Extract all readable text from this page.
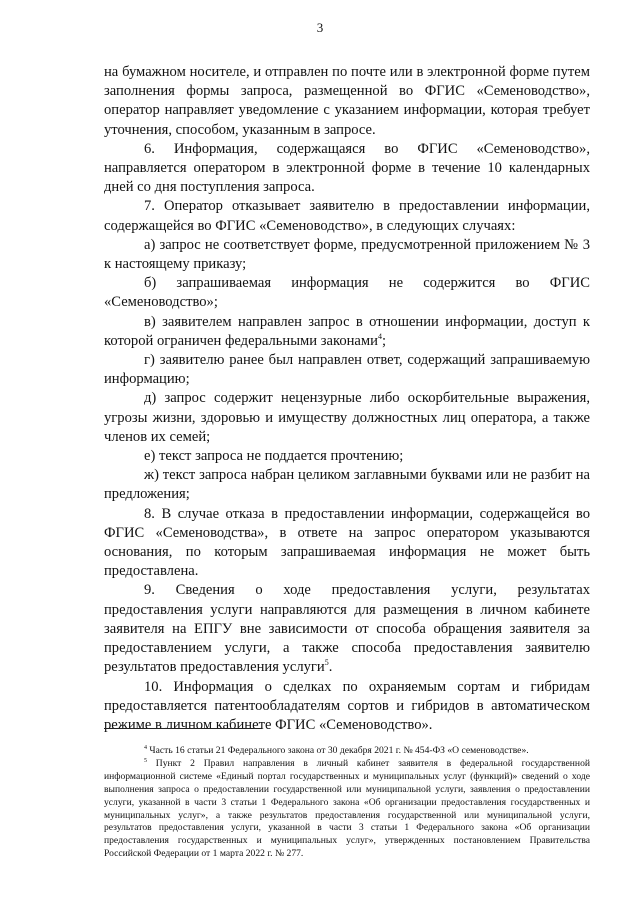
3

на бумажном носителе, и отправлен по почте или в электронной форме путем заполнения формы запроса, размещенной во ФГИС «Семеноводство», оператор направляет уведомление с указанием информации, которая требует уточнения, способом, указанным в запросе.

6. Информация, содержащаяся во ФГИС «Семеноводство», направляется оператором в электронной форме в течение 10 календарных дней со дня поступления запроса.

7. Оператор отказывает заявителю в предоставлении информации, содержащейся во ФГИС «Семеноводство», в следующих случаях:

а) запрос не соответствует форме, предусмотренной приложением № 3 к настоящему приказу;

б) запрашиваемая информация не содержится во ФГИС «Семеноводство»;

в) заявителем направлен запрос в отношении информации, доступ к которой ограничен федеральными законами$^4$;

г) заявителю ранее был направлен ответ, содержащий запрашиваемую информацию;

д) запрос содержит нецензурные либо оскорбительные выражения, угрозы жизни, здоровью и имуществу должностных лиц оператора, а также членов их семей;

е) текст запроса не поддается прочтению;

ж) текст запроса набран целиком заглавными буквами или не разбит на предложения;

8. В случае отказа в предоставлении информации, содержащейся во ФГИС «Семеноводства», в ответе на запрос оператором указываются основания, по которым запрашиваемая информация не может быть предоставлена.

9. Сведения о ходе предоставления услуги, результатах предоставления услуги направляются для размещения в личном кабинете заявителя на ЕПГУ вне зависимости от способа обращения заявителя за предоставлением услуги, а также способа предоставления заявителю результатов предоставления услуги$^5$.

10. Информация о сделках по охраняемым сортам и гибридам предоставляется патентообладателям сортов и гибридов в автоматическом режиме в личном кабинете ФГИС «Семеноводство».

$^4$ Часть 16 статьи 21 Федерального закона от 30 декабря 2021 г. № 454-ФЗ «О семеноводстве».

$^5$ Пункт 2 Правил направления в личный кабинет заявителя в федеральной государственной информационной системе «Единый портал государственных и муниципальных услуг (функций)» сведений о ходе выполнения запроса о предоставлении государственной или муниципальной услуги, заявления о предоставлении услуги, указанной в части 3 статьи 1 Федерального закона «Об организации предоставления государственных и муниципальных услуг», а также результатов предоставления государственной или муниципальной услуги, результатов предоставления услуги, указанной в части 3 статьи 1 Федерального закона «Об организации предоставления государственных и муниципальных услуг», утвержденных постановлением Правительства Российской Федерации от 1 марта 2022 г. № 277.
